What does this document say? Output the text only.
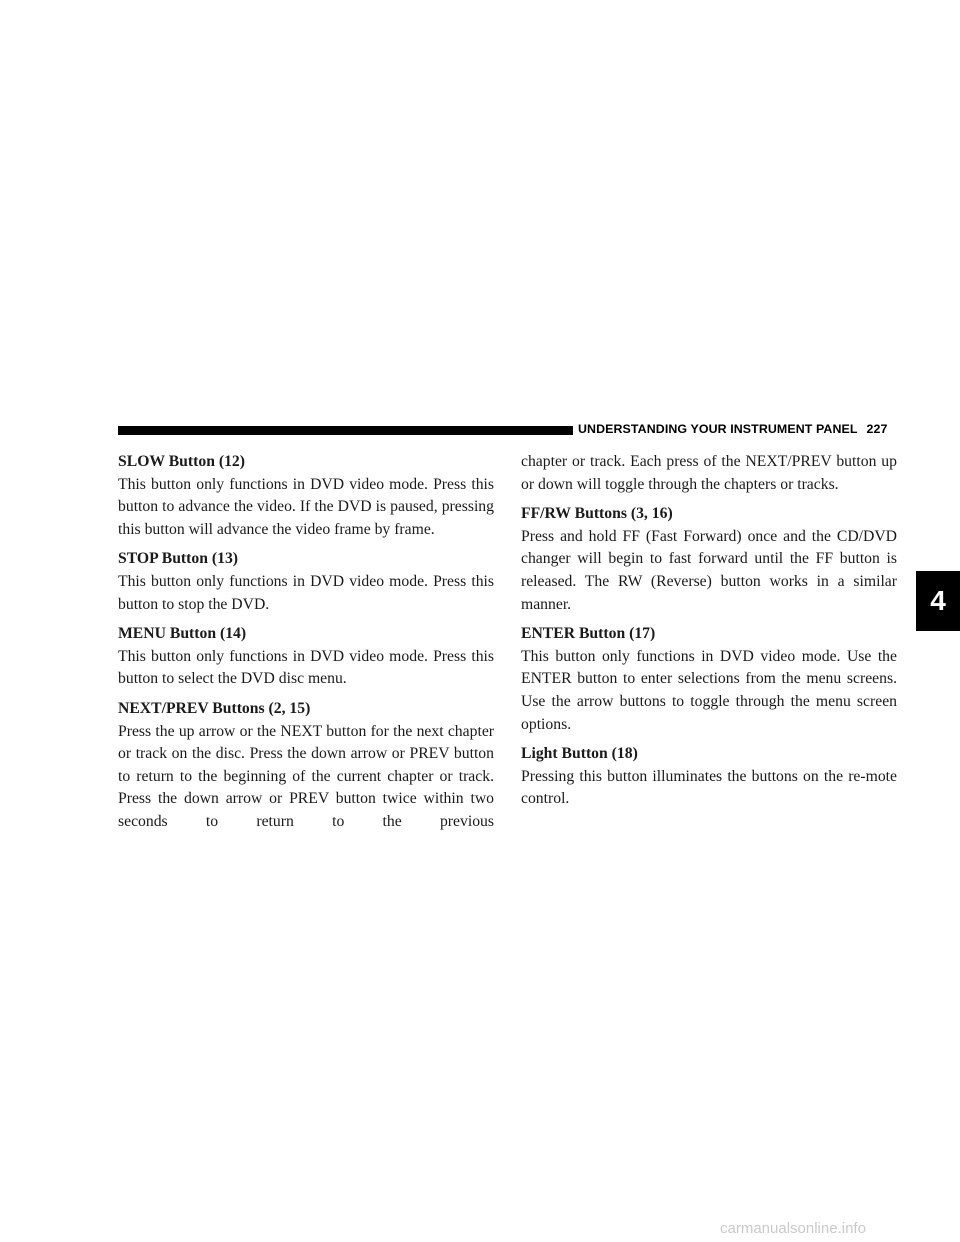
UNDERSTANDING YOUR INSTRUMENT PANEL 227
4
SLOW Button (12)

This button only functions in DVD video mode. Press this button to advance the video. If the DVD is paused, pressing this button will advance the video frame by frame.

STOP Button (13)

This button only functions in DVD video mode. Press this button to stop the DVD.

MENU Button (14)

This button only functions in DVD video mode. Press this button to select the DVD disc menu.

NEXT/PREV Buttons (2, 15)

Press the up arrow or the NEXT button for the next chapter or track on the disc. Press the down arrow or PREV button to return to the beginning of the current chapter or track. Press the down arrow or PREV button twice within two seconds to return to the previous

chapter or track. Each press of the NEXT/PREV button up or down will toggle through the chapters or tracks.

FF/RW Buttons (3, 16)

Press and hold FF (Fast Forward) once and the CD/DVD changer will begin to fast forward until the FF button is released. The RW (Reverse) button works in a similar manner.

ENTER Button (17)

This button only functions in DVD video mode. Use the ENTER button to enter selections from the menu screens. Use the arrow buttons to toggle through the menu screen options.

Light Button (18)

Pressing this button illuminates the buttons on the re-mote control.

carmanualsonline.info
